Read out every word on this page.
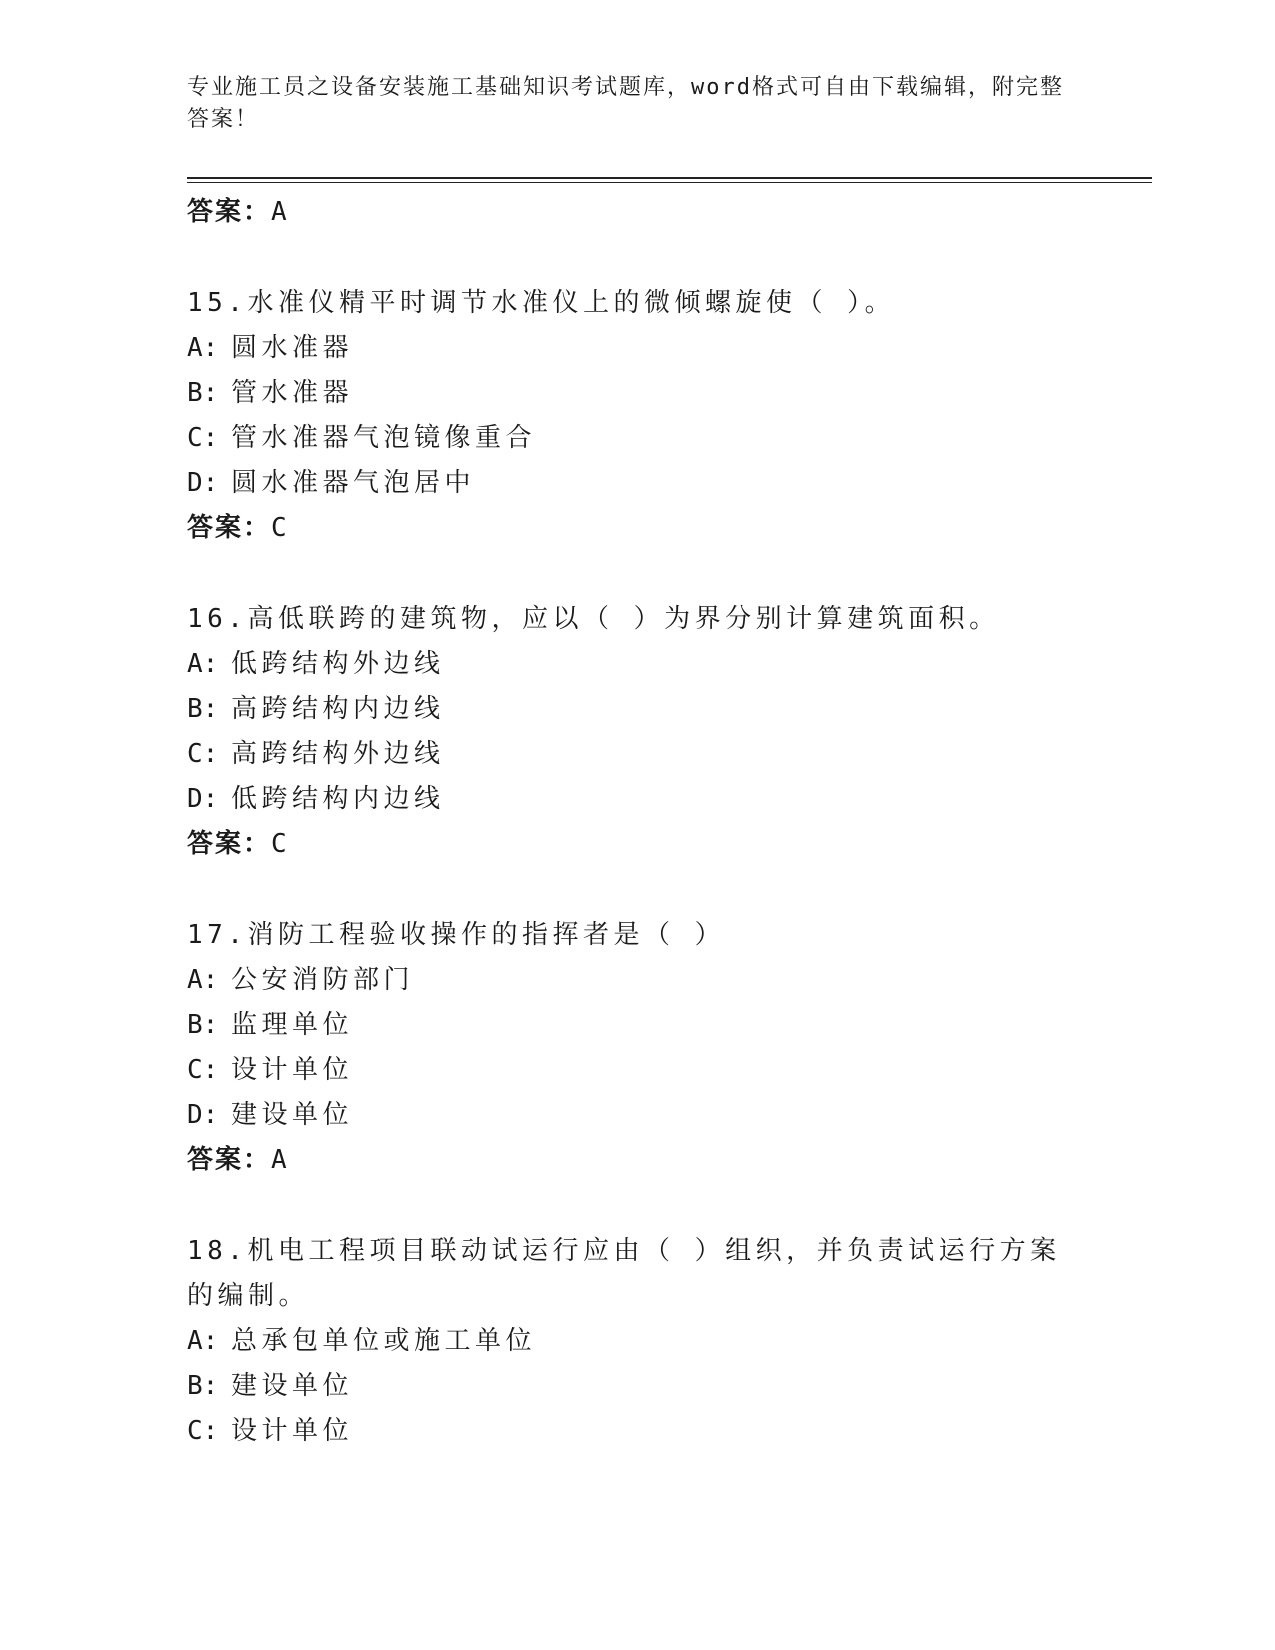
专业施工员之设备安装施工基础知识考试题库，word格式可自由下载编辑，附完整答案！
答案：A
15.水准仪精平时调节水准仪上的微倾螺旋使（ ）。
A: 圆水准器
B: 管水准器
C: 管水准器气泡镜像重合
D: 圆水准器气泡居中
答案：C
16.高低联跨的建筑物，应以（ ）为界分别计算建筑面积。
A: 低跨结构外边线
B: 高跨结构内边线
C: 高跨结构外边线
D: 低跨结构内边线
答案：C
17.消防工程验收操作的指挥者是（ ）
A: 公安消防部门
B: 监理单位
C: 设计单位
D: 建设单位
答案：A
18.机电工程项目联动试运行应由（ ）组织，并负责试运行方案的编制。
A: 总承包单位或施工单位
B: 建设单位
C: 设计单位
